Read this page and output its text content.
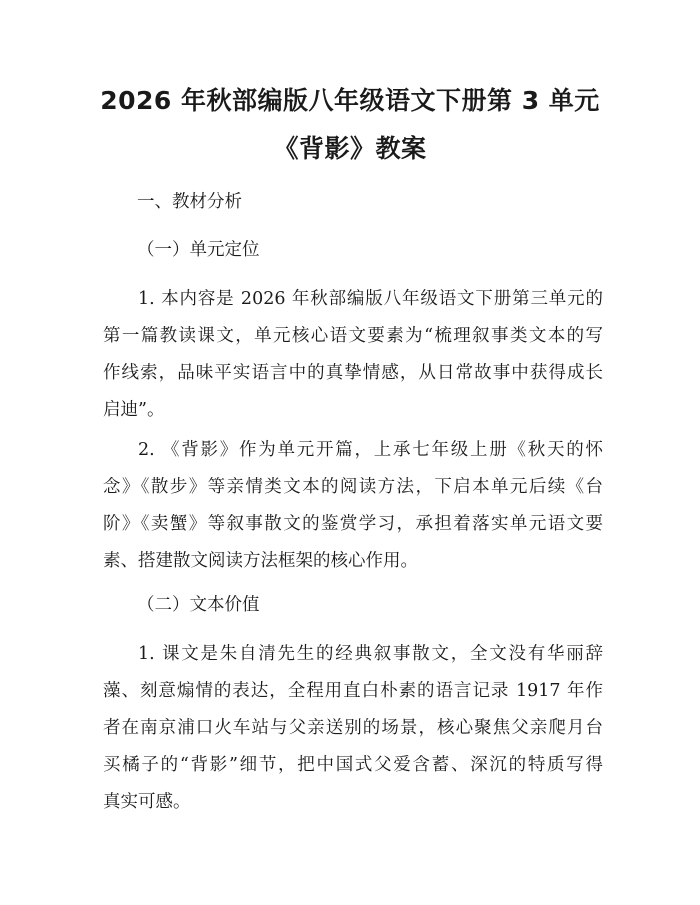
2026 年秋部编版八年级语文下册第 3 单元
《背影》教案
一、教材分析
（一）单元定位
1. 本内容是 2026 年秋部编版八年级语文下册第三单元的
第一篇教读课文，单元核心语文要素为“梳理叙事类文本的写
作线索，品味平实语言中的真挚情感，从日常故事中获得成长
启迪”。
2. 《背影》作为单元开篇，上承七年级上册《秋天的怀
念》《散步》等亲情类文本的阅读方法，下启本单元后续《台
阶》《卖蟹》等叙事散文的鉴赏学习，承担着落实单元语文要
素、搭建散文阅读方法框架的核心作用。
（二）文本价值
1. 课文是朱自清先生的经典叙事散文，全文没有华丽辞
藻、刻意煽情的表达，全程用直白朴素的语言记录 1917 年作
者在南京浦口火车站与父亲送别的场景，核心聚焦父亲爬月台
买橘子的“背影”细节，把中国式父爱含蓄、深沉的特质写得
真实可感。
